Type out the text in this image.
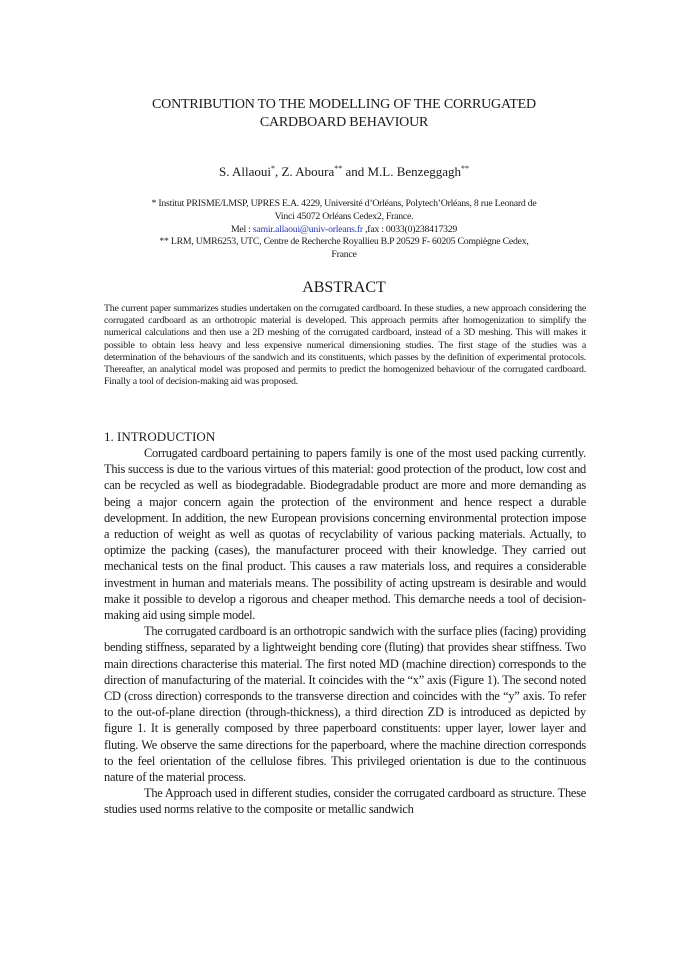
CONTRIBUTION TO THE MODELLING OF THE CORRUGATED
CARDBOARD BEHAVIOUR
S. Allaoui*, Z. Aboura** and M.L. Benzeggagh**
* Institut PRISME/LMSP, UPRES E.A. 4229, Université d’Orléans, Polytech’Orléans, 8 rue Leonard de
Vinci 45072 Orléans Cedex2, France.
Mel : samir.allaoui@univ-orleans.fr ,fax : 0033(0)238417329
** LRM, UMR6253, UTC, Centre de Recherche Royallieu B.P 20529 F- 60205 Compiègne Cedex,
France
ABSTRACT
The current paper summarizes studies undertaken on the corrugated cardboard. In these studies, a new approach considering the corrugated cardboard as an orthotropic material is developed. This approach permits after homogenization to simplify the numerical calculations and then use a 2D meshing of the corrugated cardboard, instead of a 3D meshing. This will makes it possible to obtain less heavy and less expensive numerical dimensioning studies. The first stage of the studies was a determination of the behaviours of the sandwich and its constituents, which passes by the definition of experimental protocols. Thereafter, an analytical model was proposed and permits to predict the homogenized behaviour of the corrugated cardboard. Finally a tool of decision-making aid was proposed.
1. INTRODUCTION

Corrugated cardboard pertaining to papers family is one of the most used packing currently. This success is due to the various virtues of this material: good protection of the product, low cost and can be recycled as well as biodegradable. Biodegradable product are more and more demanding as being a major concern again the protection of the environment and hence respect a durable development. In addition, the new European provisions concerning environmental protection impose a reduction of weight as well as quotas of recyclability of various packing materials. Actually, to optimize the packing (cases), the manufacturer proceed with their knowledge. They carried out mechanical tests on the final product. This causes a raw materials loss, and requires a considerable investment in human and materials means. The possibility of acting upstream is desirable and would make it possible to develop a rigorous and cheaper method. This demarche needs a tool of decision-making aid using simple model.

The corrugated cardboard is an orthotropic sandwich with the surface plies (facing) providing bending stiffness, separated by a lightweight bending core (fluting) that provides shear stiffness. Two main directions characterise this material. The first noted MD (machine direction) corresponds to the direction of manufacturing of the material. It coincides with the “x” axis (Figure 1). The second noted CD (cross direction) corresponds to the transverse direction and coincides with the “y” axis. To refer to the out-of-plane direction (through-thickness), a third direction ZD is introduced as depicted by figure 1. It is generally composed by three paperboard constituents: upper layer, lower layer and fluting. We observe the same directions for the paperboard, where the machine direction corresponds to the feel orientation of the cellulose fibres. This privileged orientation is due to the continuous nature of the material process.

The Approach used in different studies, consider the corrugated cardboard as structure. These studies used norms relative to the composite or metallic sandwich
